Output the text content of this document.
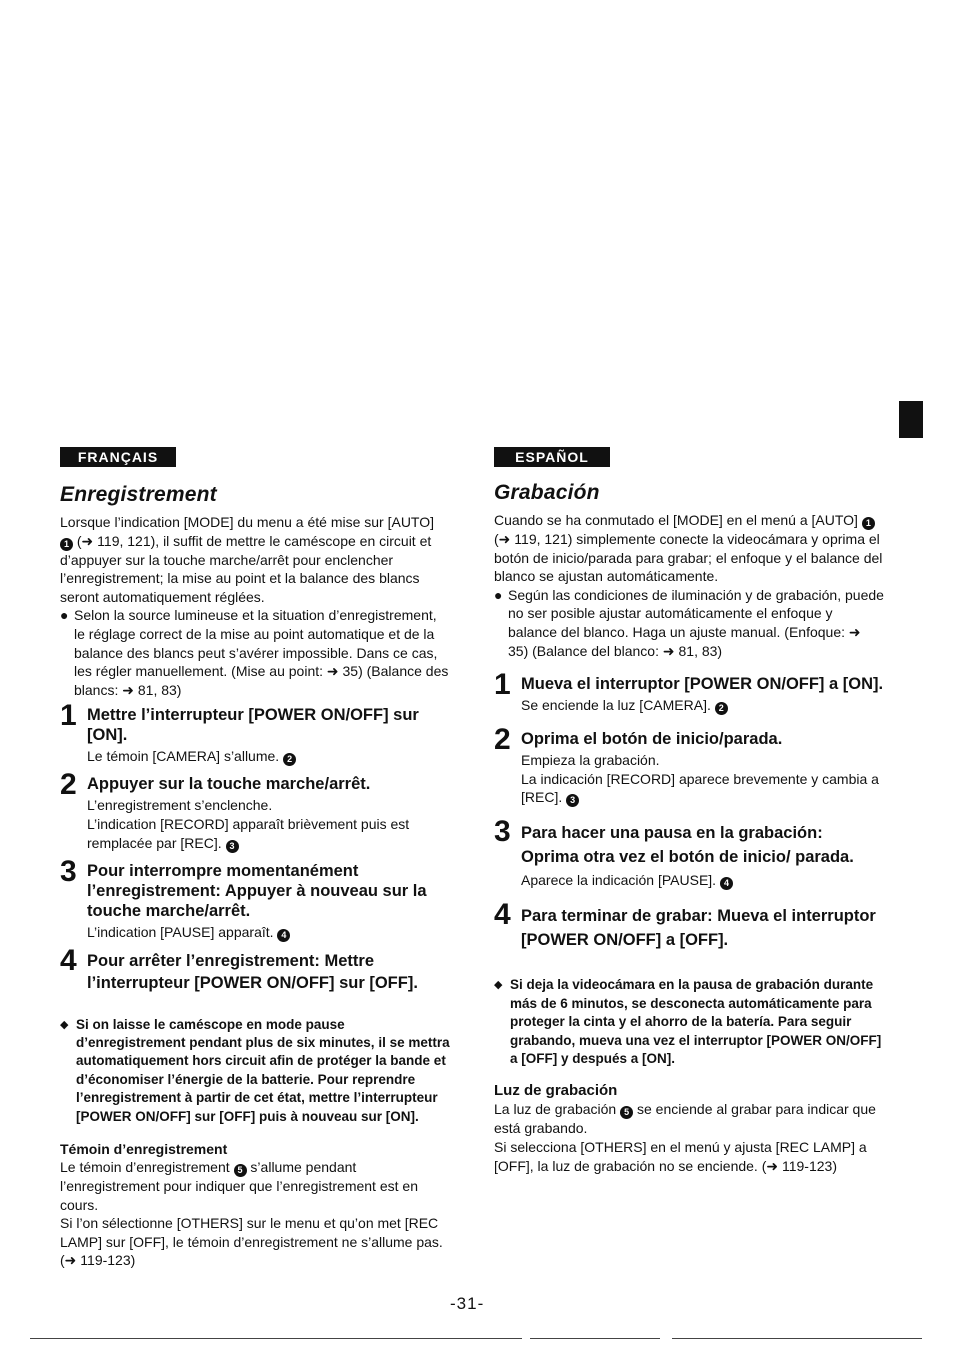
FRANÇAIS
Enregistrement

Lorsque l’indication [MODE] du menu a été mise sur [AUTO] 1 (➜ 119, 121), il suffit de mettre le caméscope en circuit et d’appuyer sur la touche marche/arrêt pour enclencher l’enregistrement; la mise au point et la balance des blancs seront automatiquement réglées.

● Selon la source lumineuse et la situation d’enregistrement, le réglage correct de la mise au point automatique et de la balance des blancs peut s’avérer impossible. Dans ce cas, les régler manuellement. (Mise au point: ➜ 35) (Balance des blancs: ➜ 81, 83)

1 Mettre l’interrupteur [POWER ON/OFF] sur [ON].

Le témoin [CAMERA] s’allume. 2

2 Appuyer sur la touche marche/arrêt.

L’enregistrement s’enclenche.

L’indication [RECORD] apparaît brièvement puis est remplacée par [REC]. 3

3 Pour interrompre momentanément l’enregistrement: Appuyer à nouveau sur la touche marche/arrêt.

L’indication [PAUSE] apparaît. 4

4 Pour arrêter l’enregistrement: Mettre l’interrupteur [POWER ON/OFF] sur [OFF].

◆ Si on laisse le caméscope en mode pause d’enregistrement pendant plus de six minutes, il se mettra automatiquement hors circuit afin de protéger la bande et d’économiser l’énergie de la batterie. Pour reprendre l’enregistrement à partir de cet état, mettre l’interrupteur [POWER ON/OFF] sur [OFF] puis à nouveau sur [ON].

Témoin d’enregistrement

Le témoin d’enregistrement 5 s’allume pendant l’enregistrement pour indiquer que l’enregistrement est en cours.

Si l’on sélectionne [OTHERS] sur le menu et qu’on met [REC LAMP] sur [OFF], le témoin d’enregistrement ne s’allume pas. (➜ 119-123)

ESPAÑOL
Grabación

Cuando se ha conmutado el [MODE] en el menú a [AUTO] 1 (➜ 119, 121) simplemente conecte la videocámara y oprima el botón de inicio/parada para grabar; el enfoque y el balance del blanco se ajustan automáticamente.

● Según las condiciones de iluminación y de grabación, puede no ser posible ajustar automáticamente el enfoque y balance del blanco. Haga un ajuste manual. (Enfoque: ➜ 35) (Balance del blanco: ➜ 81, 83)

1 Mueva el interruptor [POWER ON/OFF] a [ON].

Se enciende la luz [CAMERA]. 2

2 Oprima el botón de inicio/parada.

Empieza la grabación.

La indicación [RECORD] aparece brevemente y cambia a [REC]. 3

3 Para hacer una pausa en la grabación: Oprima otra vez el botón de inicio/ parada.

Aparece la indicación [PAUSE]. 4

4 Para terminar de grabar: Mueva el interruptor [POWER ON/OFF] a [OFF].

◆ Si deja la videocámara en la pausa de grabación durante más de 6 minutos, se desconecta automáticamente para proteger la cinta y el ahorro de la batería. Para seguir grabando, mueva una vez el interruptor [POWER ON/OFF] a [OFF] y después a [ON].

Luz de grabación

La luz de grabación 5 se enciende al grabar para indicar que está grabando.

Si selecciona [OTHERS] en el menú y ajusta [REC LAMP] a [OFF], la luz de grabación no se enciende. (➜ 119-123)

-31-
